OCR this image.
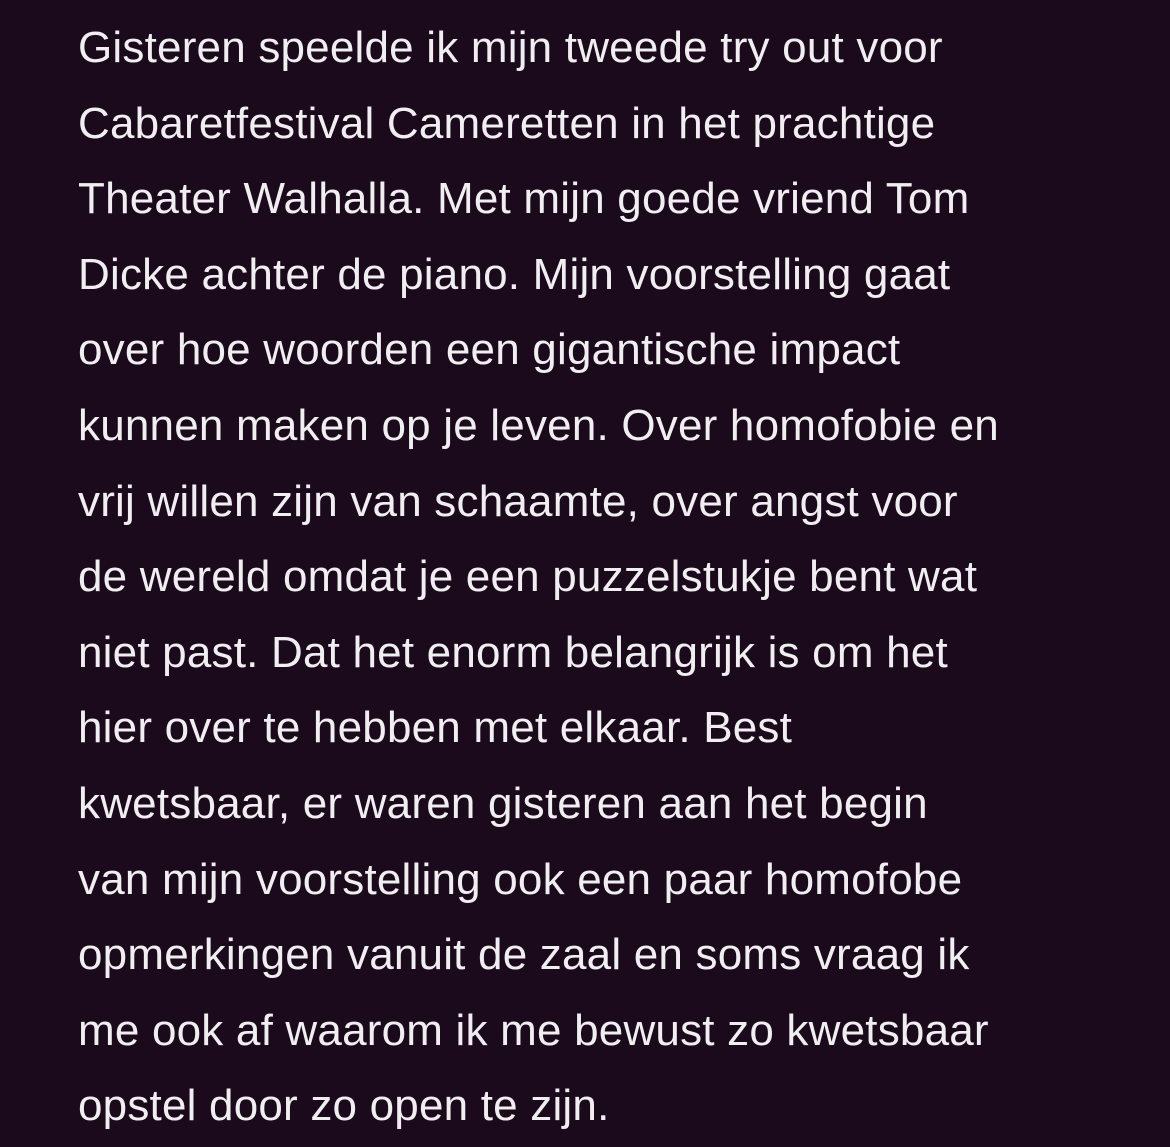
Gisteren speelde ik mijn tweede try out voor
Cabaretfestival Cameretten in het prachtige
Theater Walhalla. Met mijn goede vriend Tom
Dicke achter de piano. Mijn voorstelling gaat
over hoe woorden een gigantische impact
kunnen maken op je leven. Over homofobie en
vrij willen zijn van schaamte, over angst voor
de wereld omdat je een puzzelstukje bent wat
niet past. Dat het enorm belangrijk is om het
hier over te hebben met elkaar. Best
kwetsbaar, er waren gisteren aan het begin
van mijn voorstelling ook een paar homofobe
opmerkingen vanuit de zaal en soms vraag ik
me ook af waarom ik me bewust zo kwetsbaar
opstel door zo open te zijn.
